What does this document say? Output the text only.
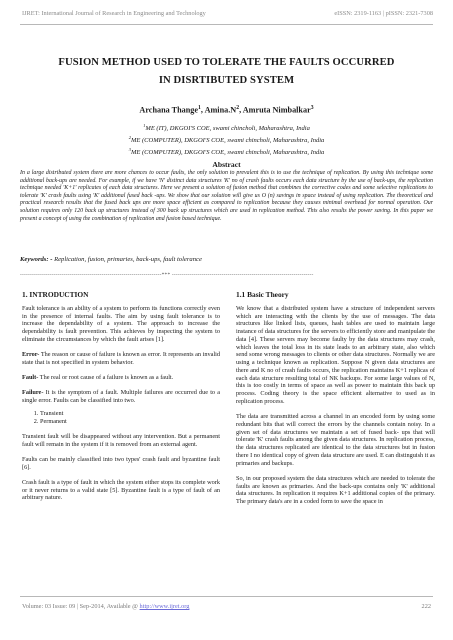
IJRET: International Journal of Research in Engineering and Technology	eISSN: 2319-1163 | pISSN: 2321-7308
FUSION METHOD USED TO TOLERATE THE FAULTS OCCURRED
IN DISRTIBUTED SYSTEM
Archana Thange$^1$, $Amina.N^2$, Amruta Nimbalkar$^3$
$^1$ME (IT), DKGOI'S COE, swami chincholi, Maharashtra, India
$^2$ME (COMPUTER), DKGOI'S COE, swami chincholi, Maharashtra, India
$^3$ME (COMPUTER), DKGOI'S COE, swami chincholi, Maharashtra, India
Abstract
In a large distributed system there are more chances to occur faults, the only solution to prevalent this is to use the technique of replication. By using this technique some additional back-ups are needed. For example, if we have 'N' distinct data structures 'K' no of crash faults occurs each data structure by the use of back-ups, the replication technique needed 'K+1' replicates of each data structures. Here we present a solution of fusion method that combines the corrective codes and some selective replications to tolerate 'K' crash faults using 'K' additional fused back -ups. We show that our solution will give us O (n) savings in space instead of using replication. The theoretical and practical research results that the fused back ups are more space efficient as compared to replication because they causes minimal overhead for normal operation. Our solution requires only 120 back up structures instead of 300 back up structures which are used in replication method. This also results the power saving. In this paper we present a concept of using the combination of replication and fusion based technique.
Keywords: - Replication, fusion, primaries, back-ups, fault tolerance
-----------------------------------------------------------------------*** -----------------------------------------------------------------------
1. INTRODUCTION

Fault tolerance is an ability of a system to perform its functions correctly even in the presence of internal faults. The aim by using fault tolerance is to increase the dependability of a system. The approach to increase the dependability is fault prevention. This achieves by inspecting the system to eliminate the circumstances by which the fault arises [1].

Error- The reason or cause of failure is known as error. It represents an invalid state that is not specified in system behavior.

Fault- The real or root cause of a failure is known as a fault.

Failure- It is the symptom of a fault. Multiple failures are occurred due to a single error. Faults can be classified into two.

1. Transient
2. Permanent

Transient fault will be disappeared without any intervention. But a permanent fault will remain in the system if it is removed from an external agent.

Faults can be mainly classified into two types' crash fault and byzantine fault [6].

Crash fault is a type of fault in which the system either stops its complete work or it never returns to a valid state [5]. Byzantine fault is a type of fault of an arbitrary nature.

1.1 Basic Theory

We know that a distributed system have a structure of independent servers which are interacting with the clients by the use of messages. The data structures like linked lists, queues, hash tables are used to maintain large instance of data structures for the servers to efficiently store and manipulate the data [4]. These servers may become faulty by the data structures may crash, which leaves the total loss in its state leads to an arbitrary state, also which send some wrong messages to clients or other data structures. Normally we are using a technique known as replication. Suppose N given data structures are there and K no of crash faults occurs, the replication maintains K+1 replicas of each data structure resulting total of NK backups. For some large values of N, this is too costly in terms of space as well as power to maintain this back up process. Coding theory is the space efficient alternative to used as in replication process.

The data are transmitted across a channel in an encoded form by using some redundant bits that will correct the errors by the channels contain noisy. In a given set of data structures we maintain a set of fused back- ups that will tolerate 'K' crash faults among the given data structures. In replication process, the data structures replicated are identical to the data structures but in fusion there I no identical copy of given data structure are used. E can distinguish it as primaries and backups.

So, in our proposed system the data structures which are needed to tolerate the faults are known as primaries. And the back-ups contains only 'K' additional data structures. In replication it requires K+1 additional copies of the primary. The primary data's are in a coded form to save the space in

Volume: 03 Issue: 09 | Sep-2014, Available @ http://www.ijret.org	222
